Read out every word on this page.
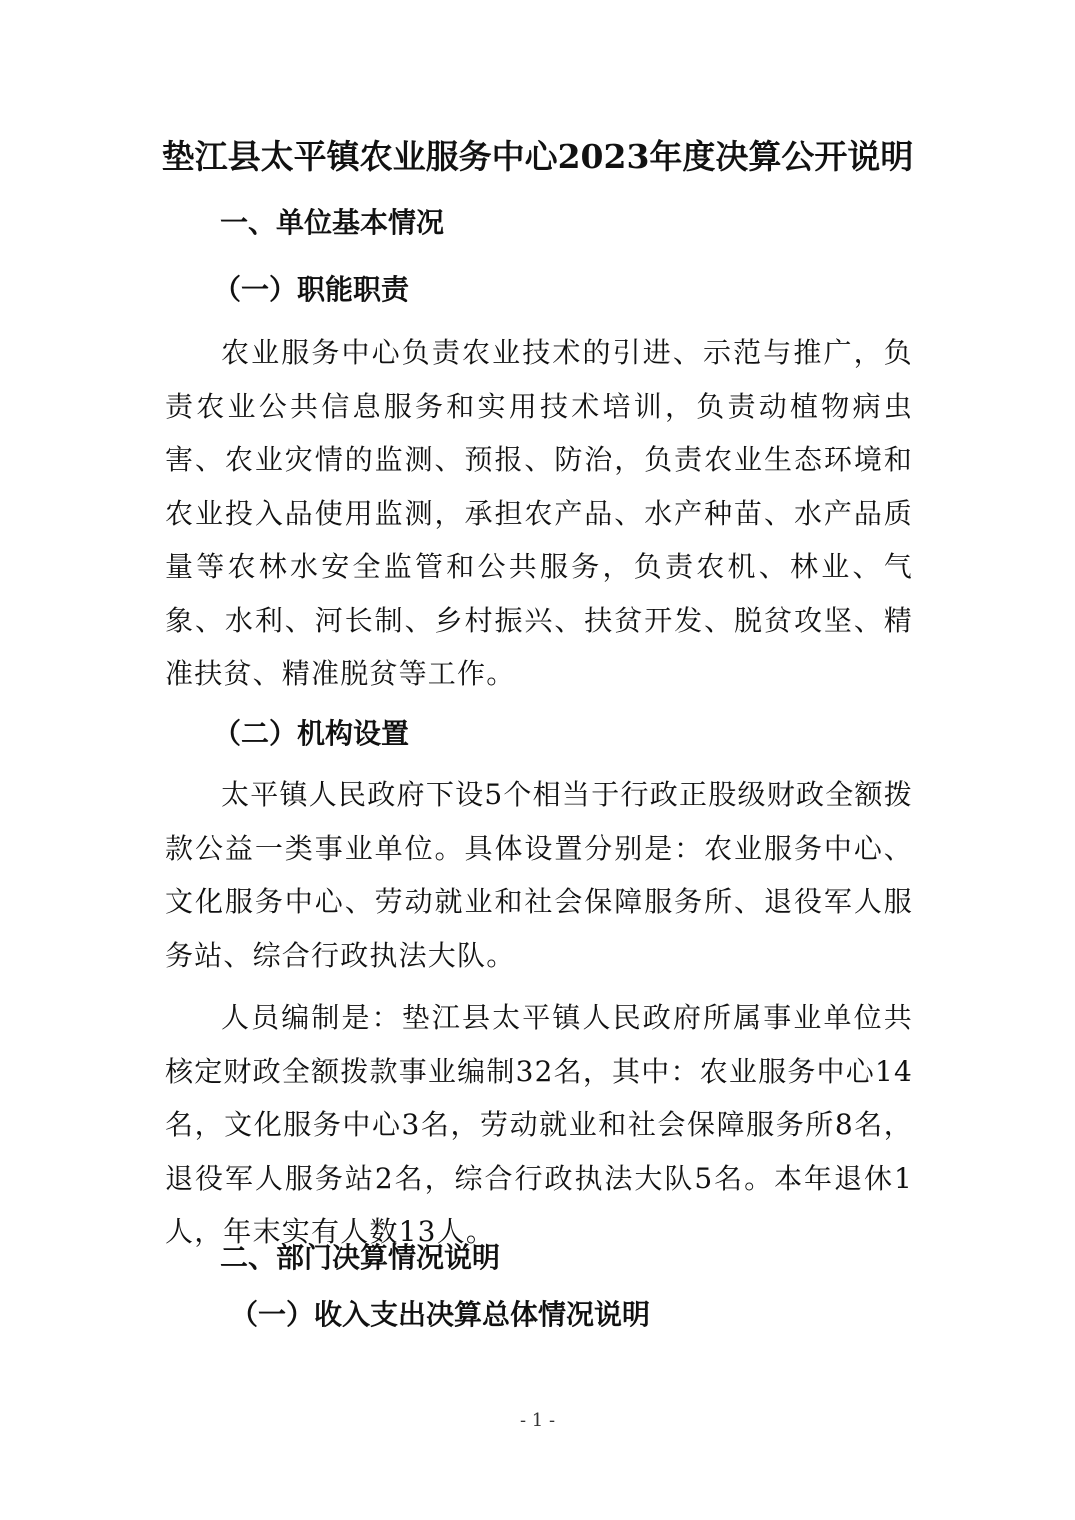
垫江县太平镇农业服务中心2023年度决算公开说明
一、单位基本情况
（一）职能职责

农业服务中心负责农业技术的引进、示范与推广，负责农业公共信息服务和实用技术培训，负责动植物病虫害、农业灾情的监测、预报、防治，负责农业生态环境和农业投入品使用监测，承担农产品、水产种苗、水产品质量等农林水安全监管和公共服务，负责农机、林业、气象、水利、河长制、乡村振兴、扶贫开发、脱贫攻坚、精准扶贫、精准脱贫等工作。

（二）机构设置

太平镇人民政府下设5个相当于行政正股级财政全额拨款公益一类事业单位。具体设置分别是：农业服务中心、文化服务中心、劳动就业和社会保障服务所、退役军人服务站、综合行政执法大队。

人员编制是：垫江县太平镇人民政府所属事业单位共核定财政全额拨款事业编制32名，其中：农业服务中心14名，文化服务中心3名，劳动就业和社会保障服务所8名，退役军人服务站2名，综合行政执法大队5名。本年退休1人，年末实有人数13人。

二、部门决算情况说明
（一）收入支出决算总体情况说明
- 1 -
